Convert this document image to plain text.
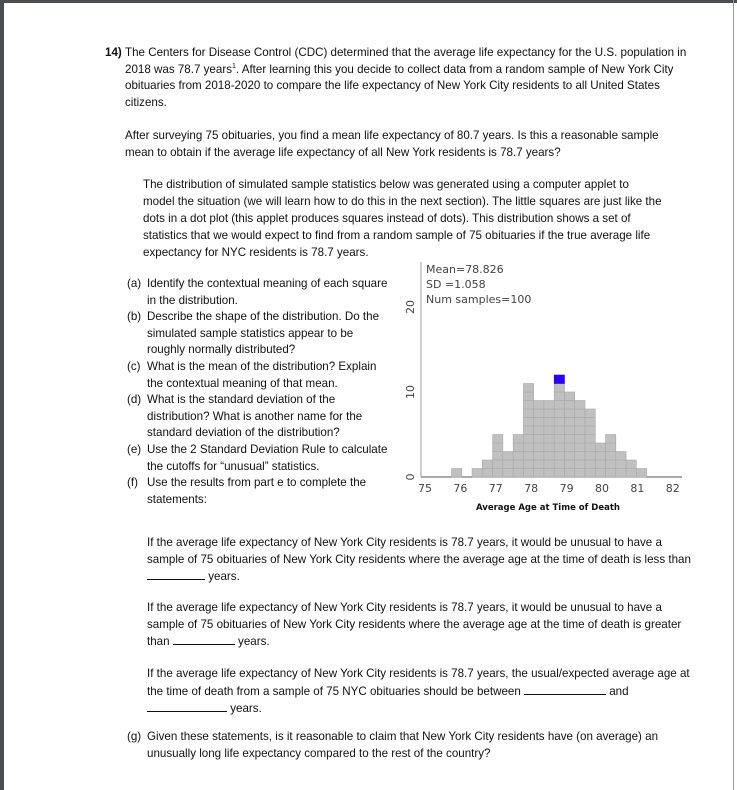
14) The Centers for Disease Control (CDC) determined that the average life expectancy for the U.S. population in 2018 was 78.7 years$^1$. After learning this you decide to collect data from a random sample of New York City obituaries from 2018-2020 to compare the life expectancy of New York City residents to all United States citizens.

After surveying 75 obituaries, you find a mean life expectancy of 80.7 years. Is this a reasonable sample mean to obtain if the average life expectancy of all New York residents is 78.7 years?

The distribution of simulated sample statistics below was generated using a computer applet to model the situation (we will learn how to do this in the next section). The little squares are just like the dots in a dot plot (this applet produces squares instead of dots). This distribution shows a set of statistics that we would expect to find from a random sample of 75 obituaries if the true average life expectancy for NYC residents is 78.7 years.

(a) Identify the contextual meaning of each square in the distribution.
(b) Describe the shape of the distribution. Do the simulated sample statistics appear to be roughly normally distributed?
(c) What is the mean of the distribution? Explain the contextual meaning of that mean.
(d) What is the standard deviation of the distribution? What is another name for the standard deviation of the distribution?
(e) Use the 2 Standard Deviation Rule to calculate the cutoffs for “unusual” statistics.
(f) Use the results from part e to complete the statements:
0
10
20
75 76 77 78 79 80 81 82
Mean=78.826
SD =1.058
Num samples=100
Average Age at Time of Death
If the average life expectancy of New York City residents is 78.7 years, it would be unusual to have a sample of 75 obituaries of New York City residents where the average age at the time of death is less than  years.
If the average life expectancy of New York City residents is 78.7 years, it would be unusual to have a sample of 75 obituaries of New York City residents where the average age at the time of death is greater than	years.
If the average life expectancy of New York City residents is 78.7 years, the usual/expected average age at the time of death from a sample of 75 NYC obituaries should be between	and  years.
(g) Given these statements, is it reasonable to claim that New York City residents have (on average) an unusually long life expectancy compared to the rest of the country?
